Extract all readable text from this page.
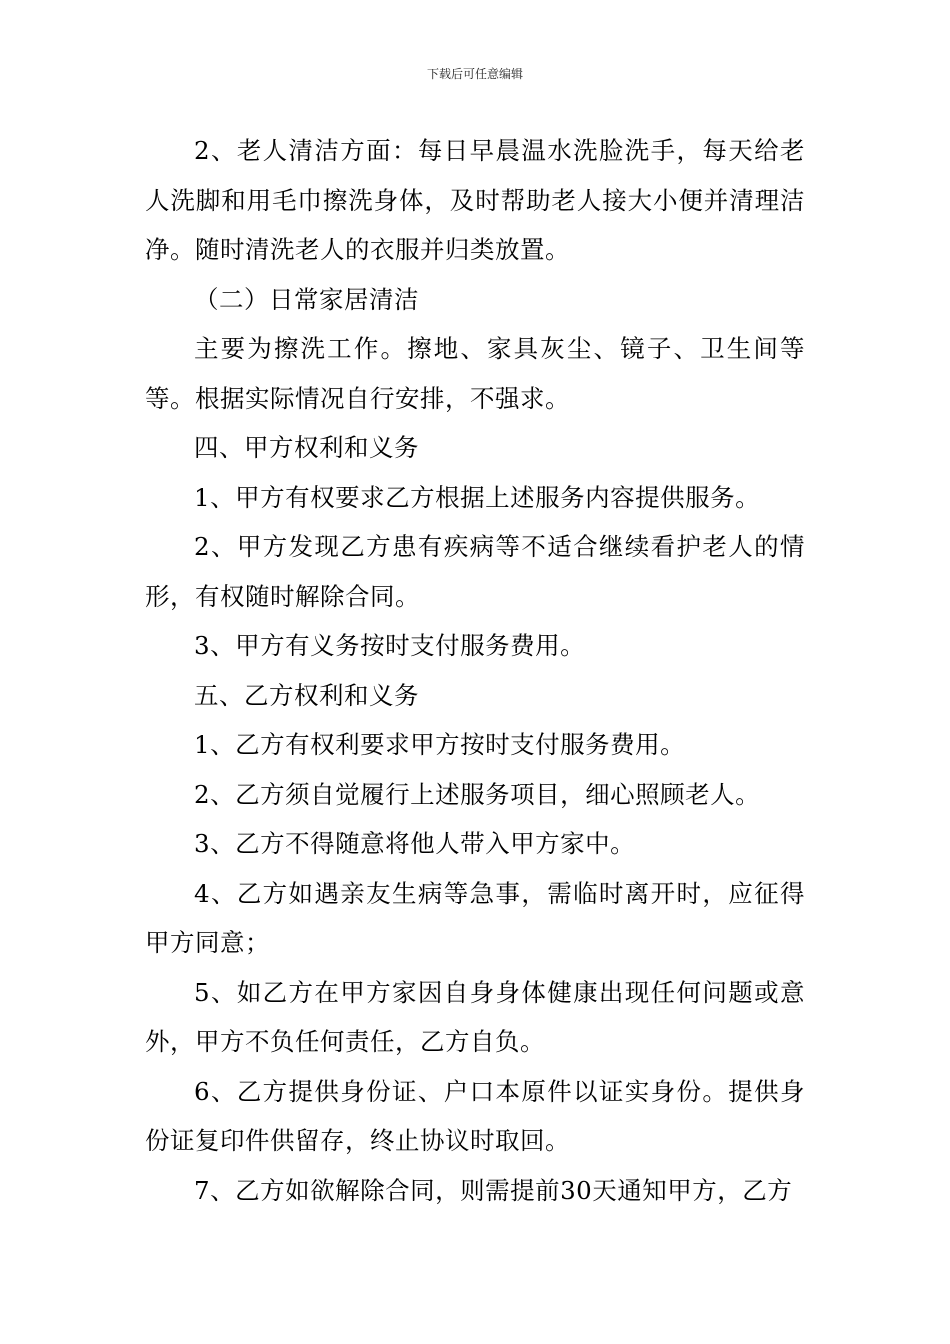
下载后可任意编辑

2、老人清洁方面：每日早晨温水洗脸洗手，每天给老人洗脚和用毛巾擦洗身体，及时帮助老人接大小便并清理洁净。随时清洗老人的衣服并归类放置。

（二）日常家居清洁

主要为擦洗工作。擦地、家具灰尘、镜子、卫生间等等。根据实际情况自行安排，不强求。

四、甲方权利和义务

1、甲方有权要求乙方根据上述服务内容提供服务。

2、甲方发现乙方患有疾病等不适合继续看护老人的情形，有权随时解除合同。

3、甲方有义务按时支付服务费用。

五、乙方权利和义务

1、乙方有权利要求甲方按时支付服务费用。

2、乙方须自觉履行上述服务项目，细心照顾老人。

3、乙方不得随意将他人带入甲方家中。

4、乙方如遇亲友生病等急事，需临时离开时，应征得甲方同意；

5、如乙方在甲方家因自身身体健康出现任何问题或意外，甲方不负任何责任，乙方自负。

6、乙方提供身份证、户口本原件以证实身份。提供身份证复印件供留存，终止协议时取回。

7、乙方如欲解除合同，则需提前30天通知甲方，乙方
